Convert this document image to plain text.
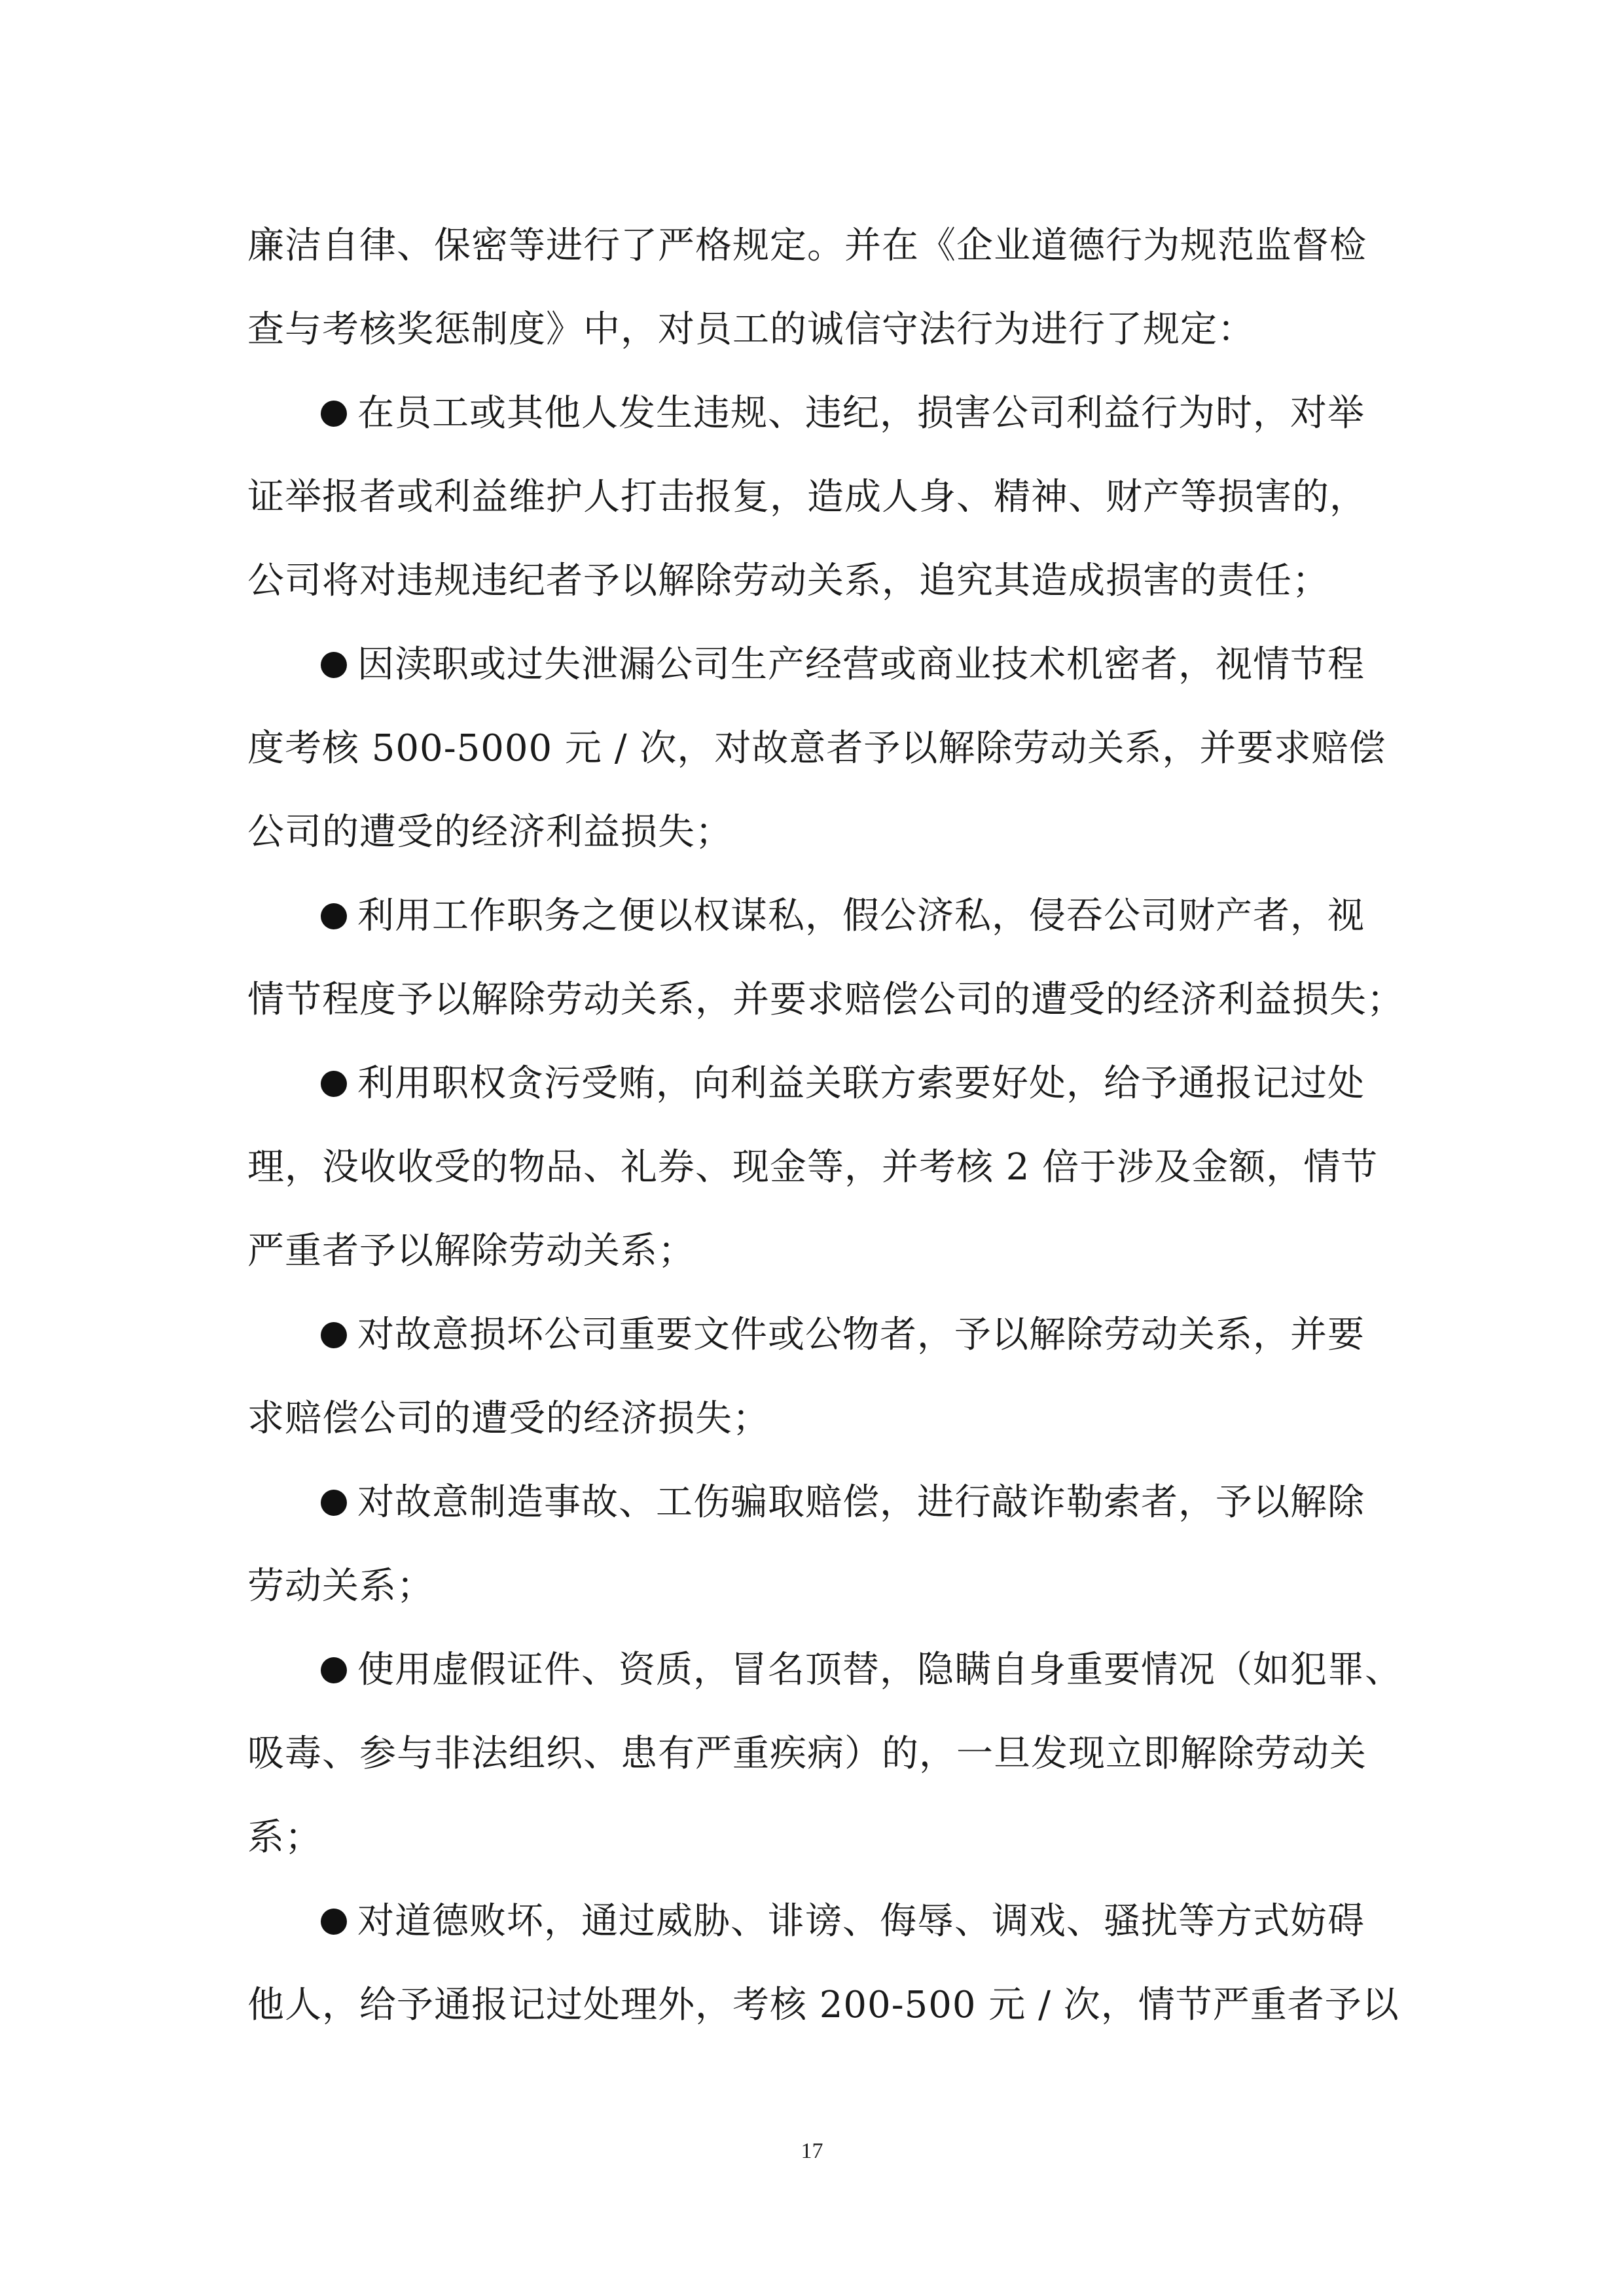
廉洁自律、保密等进行了严格规定。并在《企业道德行为规范监督检
查与考核奖惩制度》中，对员工的诚信守法行为进行了规定：
在员工或其他人发生违规、违纪，损害公司利益行为时，对举
证举报者或利益维护人打击报复，造成人身、精神、财产等损害的，
公司将对违规违纪者予以解除劳动关系，追究其造成损害的责任；
因渎职或过失泄漏公司生产经营或商业技术机密者，视情节程
度考核 500-5000 元 / 次，对故意者予以解除劳动关系，并要求赔偿
公司的遭受的经济利益损失；
利用工作职务之便以权谋私，假公济私，侵吞公司财产者，视
情节程度予以解除劳动关系，并要求赔偿公司的遭受的经济利益损失；
利用职权贪污受贿，向利益关联方索要好处，给予通报记过处
理，没收收受的物品、礼券、现金等，并考核 2 倍于涉及金额，情节
严重者予以解除劳动关系；
对故意损坏公司重要文件或公物者，予以解除劳动关系，并要
求赔偿公司的遭受的经济损失；
对故意制造事故、工伤骗取赔偿，进行敲诈勒索者，予以解除
劳动关系；
使用虚假证件、资质，冒名顶替，隐瞒自身重要情况（如犯罪、
吸毒、参与非法组织、患有严重疾病）的，一旦发现立即解除劳动关
系；
对道德败坏，通过威胁、诽谤、侮辱、调戏、骚扰等方式妨碍
他人，给予通报记过处理外，考核 200-500 元 / 次，情节严重者予以
17
